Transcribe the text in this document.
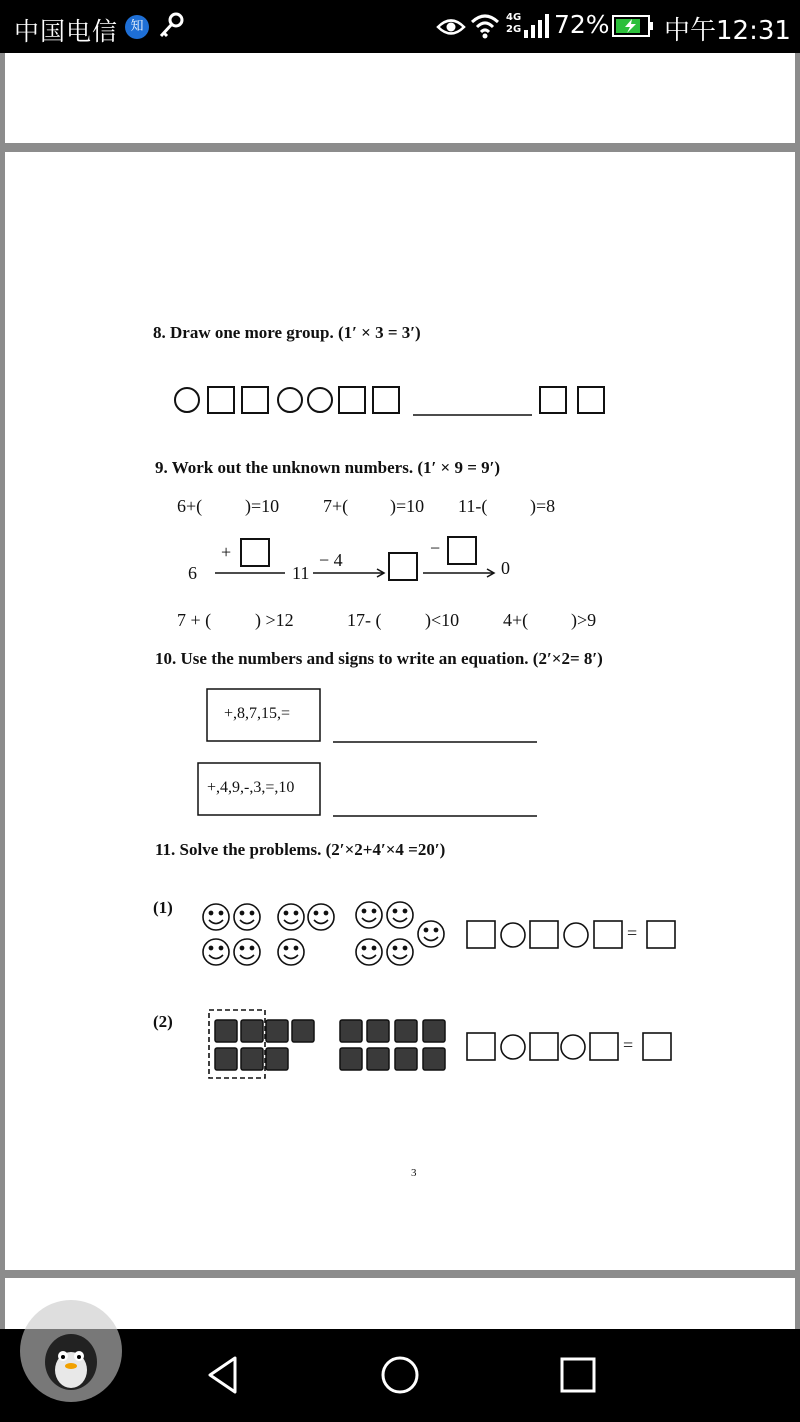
中国电信 知
4G
2G 72% 中午12:31
8. Draw one more group. (1′ × 3 = 3′)
9. Work out the unknown numbers. (1′ × 9 = 9′)
6+( )=10 7+( )=10 11-( )=8
6
+
11
− 4
−
0
7 + ( ) >12	17- ( )<10 4+( )>9
10. Use the numbers and signs to write an equation. (2′×2= 8′)
+,8,7,15,=
+,4,9,-,3,=,10
11. Solve the problems. (2′×2+4′×4 =20′)
(1)
(2)
=
=
3
